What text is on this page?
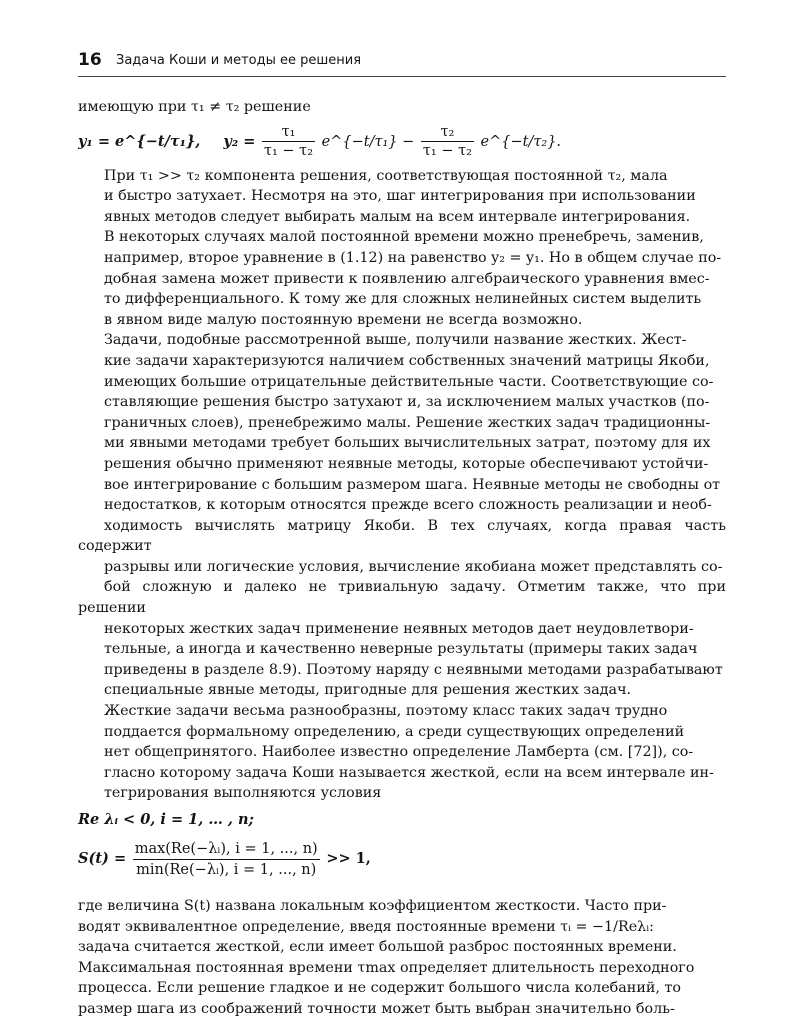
16 Задача Коши и методы ее решения

имеющую при τ₁ ≠ τ₂ решение

y₁ = e^{−t/τ₁}, $y_2 = \frac{\text{τ₁}}{\text{τ₁ − τ₂}}$ e^{−t/τ₁} − $\frac{\text{τ₂}}{\text{τ₁ − τ₂}}$ e^{−t/τ₂}.

При τ₁ >> τ₂ компонента решения, соответствующая постоянной τ₂, мала
и быстро затухает. Несмотря на это, шаг интегрирования при использовании
явных методов следует выбирать малым на всем интервале интегрирования.
В некоторых случаях малой постоянной времени можно пренебречь, заменив,
например, второе уравнение в (1.12) на равенство y₂ = y₁. Но в общем случае по-
добная замена может привести к появлению алгебраического уравнения вмес-
то дифференциального. К тому же для сложных нелинейных систем выделить
в явном виде малую постоянную времени не всегда возможно.

Задачи, подобные рассмотренной выше, получили название жестких. Жест-
кие задачи характеризуются наличием собственных значений матрицы Якоби,
имеющих большие отрицательные действительные части. Соответствующие со-
ставляющие решения быстро затухают и, за исключением малых участков (по-
граничных слоев), пренебрежимо малы. Решение жестких задач традиционны-
ми явными методами требует больших вычислительных затрат, поэтому для их
решения обычно применяют неявные методы, которые обеспечивают устойчи-
вое интегрирование с большим размером шага. Неявные методы не свободны от
недостатков, к которым относятся прежде всего сложность реализации и необ-
ходимость вычислять матрицу Якоби. В тех случаях, когда правая часть содержит
разрывы или логические условия, вычисление якобиана может представлять со-
бой сложную и далеко не тривиальную задачу. Отметим также, что при решении
некоторых жестких задач применение неявных методов дает неудовлетвори-
тельные, а иногда и качественно неверные результаты (примеры таких задач
приведены в разделе 8.9). Поэтому наряду с неявными методами разрабатывают
специальные явные методы, пригодные для решения жестких задач.

Жесткие задачи весьма разнообразны, поэтому класс таких задач трудно
поддается формальному определению, а среди существующих определений
нет общепринятого. Наиболее известно определение Ламберта (см. [72]), со-
гласно которому задача Коши называется жесткой, если на всем интервале ин-
тегрирования выполняются условия

Re λᵢ < 0, i = 1, … , n;
$S(t) = \frac{\text{max(Re(−λᵢ), i = 1, ..., n)}}{\text{min(Re(−λᵢ), i = 1, ..., n)}} >> 1$,

где величина S(t) названа локальным коэффициентом жесткости. Часто при-
водят эквивалентное определение, введя постоянные времени τᵢ = −1/Reλᵢ:
задача считается жесткой, если имеет большой разброс постоянных времени.
Максимальная постоянная времени τmax определяет длительность переходного
процесса. Если решение гладкое и не содержит большого числа колебаний, то
размер шага из соображений точности может быть выбран значительно боль-
